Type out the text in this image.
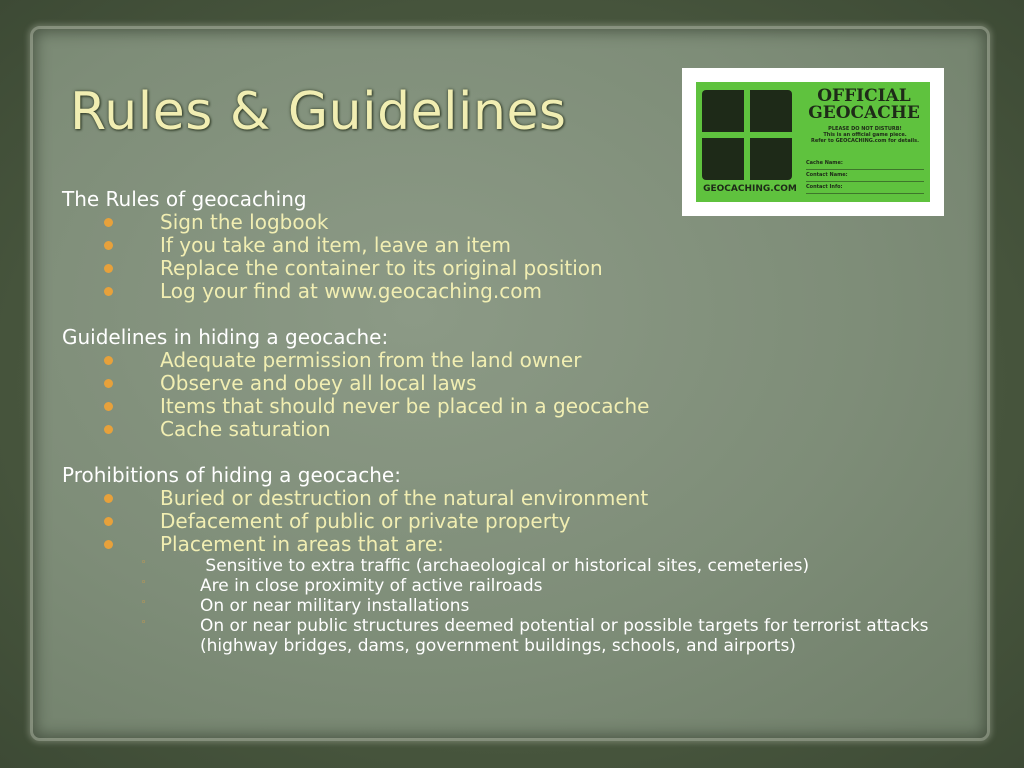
Rules & Guidelines
GEOCACHING.COM
OFFICIAL GEOCACHE
PLEASE DO NOT DISTURB!
This is an official game piece.
Refer to GEOCACHING.com for details.
Cache Name:
Contact Name:
Contact Info:

The Rules of geocaching

Sign the logbook
If you take and item, leave an item
Replace the container to its original position
Log your find at www.geocaching.com

Guidelines in hiding a geocache:

Adequate permission from the land owner
Observe and obey all local laws
Items that should never be placed in a geocache
Cache saturation

Prohibitions of hiding a geocache:

Buried or destruction of the natural environment
Defacement of public or private property
Placement in areas that are:
◦	Sensitive to extra traffic (archaeological or historical sites, cemeteries)
◦	Are in close proximity of active railroads
◦	On or near military installations
◦	On or near public structures deemed potential or possible targets for terrorist attacks (highway bridges, dams, government buildings, schools, and airports)
